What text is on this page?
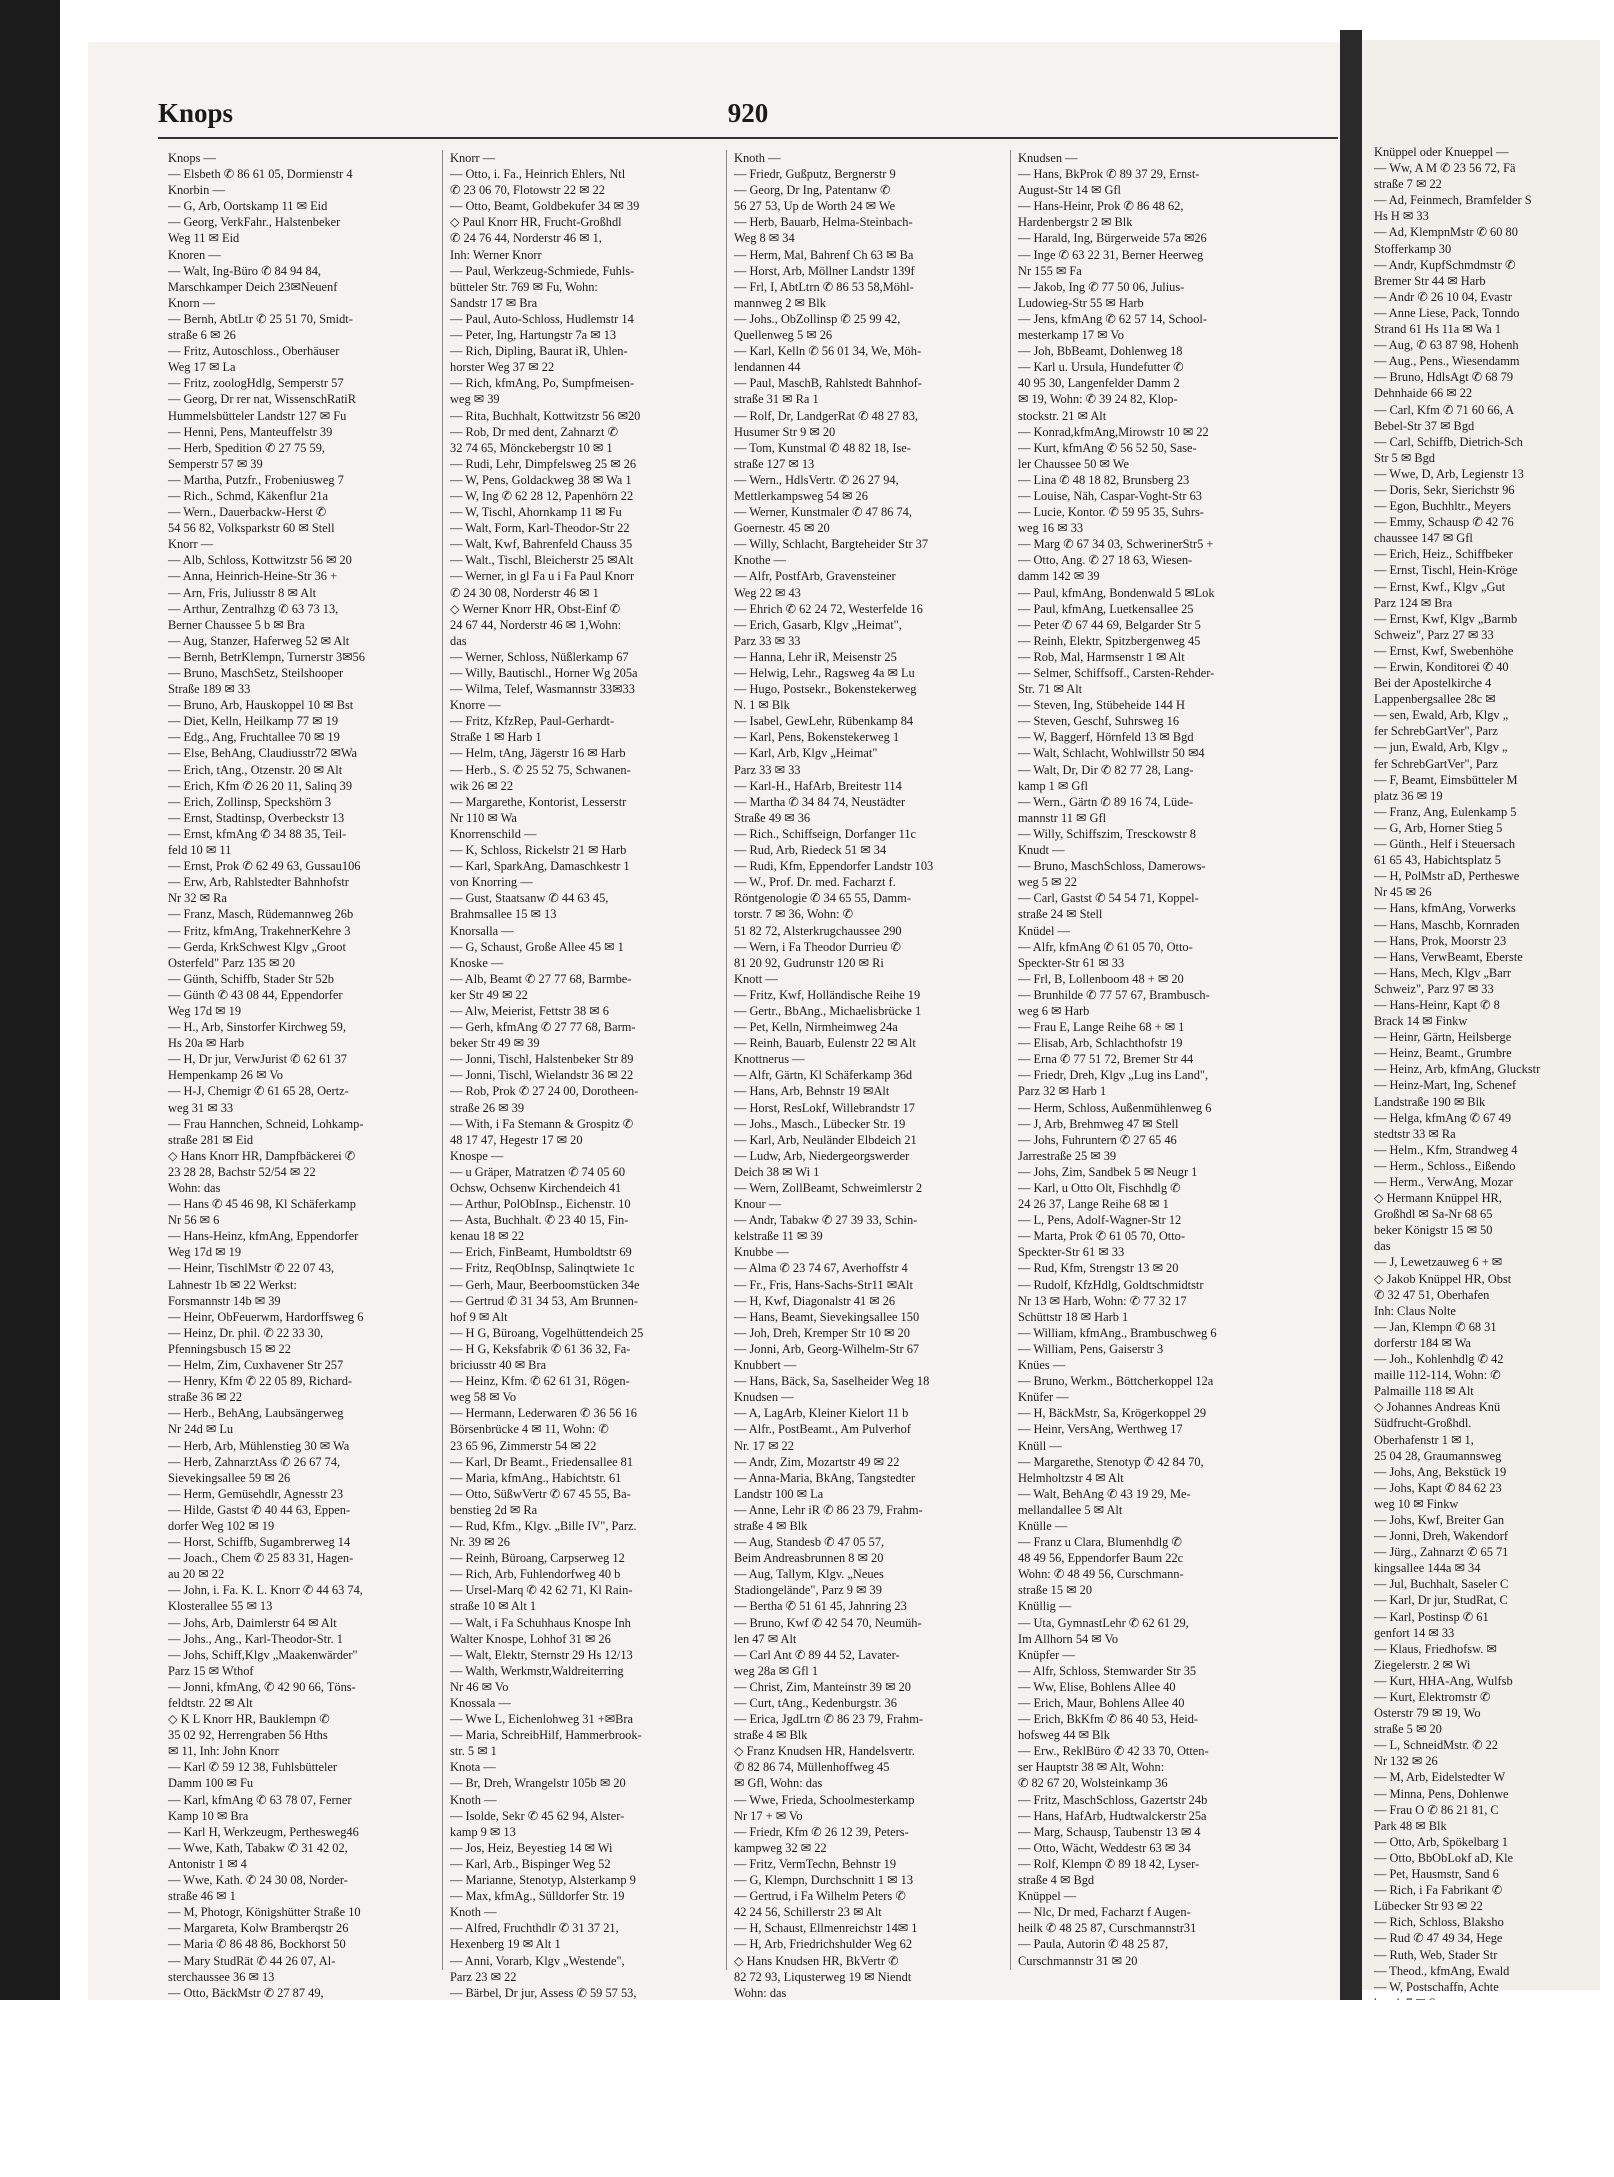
Knops	920
Knops —
— Elsbeth ✆ 86 61 05, Dormienstr 4
Knorbin —
— G, Arb, Oortskamp 11 ✉ Eid
— Georg, VerkFahr., Halstenbeker
Weg 11 ✉ Eid
Knoren —
— Walt, Ing-Büro ✆ 84 94 84,
Marschkamper Deich 23✉Neuenf
Knorn —
— Bernh, AbtLtr ✆ 25 51 70, Smidt-
straße 6 ✉ 26
— Fritz, Autoschloss., Oberhäuser
Weg 17 ✉ La
— Fritz, zoologHdlg, Semperstr 57
— Georg, Dr rer nat, WissenschRatiR
Hummelsbütteler Landstr 127 ✉ Fu
— Henni, Pens, Manteuffelstr 39
— Herb, Spedition ✆ 27 75 59,
Semperstr 57 ✉ 39
— Martha, Putzfr., Frobeniusweg 7
— Rich., Schmd, Käkenflur 21a
— Wern., Dauerbackw-Herst ✆
54 56 82, Volksparkstr 60 ✉ Stell
Knorr —
— Alb, Schloss, Kottwitzstr 56 ✉ 20
— Anna, Heinrich-Heine-Str 36 +
— Arn, Fris, Juliusstr 8 ✉ Alt
— Arthur, Zentralhzg ✆ 63 73 13,
Berner Chaussee 5 b ✉ Bra
— Aug, Stanzer, Haferweg 52 ✉ Alt
— Bernh, BetrKlempn, Turnerstr 3✉56
— Bruno, MaschSetz, Steilshooper
Straße 189 ✉ 33
— Bruno, Arb, Hauskoppel 10 ✉ Bst
— Diet, Kelln, Heilkamp 77 ✉ 19
— Edg., Ang, Fruchtallee 70 ✉ 19
— Else, BehAng, Claudiusstr72 ✉Wa
— Erich, tAng., Otzenstr. 20 ✉ Alt
— Erich, Kfm ✆ 26 20 11, Salinq 39
— Erich, Zollinsp, Speckshörn 3
— Ernst, Stadtinsp, Overbeckstr 13
— Ernst, kfmAng ✆ 34 88 35, Teil-
feld 10 ✉ 11
— Ernst, Prok ✆ 62 49 63, Gussau106
— Erw, Arb, Rahlstedter Bahnhofstr
Nr 32 ✉ Ra
— Franz, Masch, Rüdemannweg 26b
— Fritz, kfmAng, TrakehnerKehre 3
— Gerda, KrkSchwest Klgv „Groot
Osterfeld" Parz 135 ✉ 20
— Günth, Schiffb, Stader Str 52b
— Günth ✆ 43 08 44, Eppendorfer
Weg 17d ✉ 19
— H., Arb, Sinstorfer Kirchweg 59,
Hs 20a ✉ Harb
— H, Dr jur, VerwJurist ✆ 62 61 37
Hempenkamp 26 ✉ Vo
— H-J, Chemigr ✆ 61 65 28, Oertz-
weg 31 ✉ 33
— Frau Hannchen, Schneid, Lohkamp-
straße 281 ✉ Eid
◇ Hans Knorr HR, Dampfbäckerei ✆
23 28 28, Bachstr 52/54 ✉ 22
Wohn: das
— Hans ✆ 45 46 98, Kl Schäferkamp
Nr 56 ✉ 6
— Hans-Heinz, kfmAng, Eppendorfer
Weg 17d ✉ 19
— Heinr, TischlMstr ✆ 22 07 43,
Lahnestr 1b ✉ 22 Werkst:
Forsmannstr 14b ✉ 39
— Heinr, ObFeuerwm, Hardorffsweg 6
— Heinz, Dr. phil. ✆ 22 33 30,
Pfenningsbusch 15 ✉ 22
— Helm, Zim, Cuxhavener Str 257
— Henry, Kfm ✆ 22 05 89, Richard-
straße 36 ✉ 22
— Herb., BehAng, Laubsängerweg
Nr 24d ✉ Lu
— Herb, Arb, Mühlenstieg 30 ✉ Wa
— Herb, ZahnarztAss ✆ 26 67 74,
Sievekingsallee 59 ✉ 26
— Herm, Gemüsehdlr, Agnesstr 23
— Hilde, Gastst ✆ 40 44 63, Eppen-
dorfer Weg 102 ✉ 19
— Horst, Schiffb, Sugambrerweg 14
— Joach., Chem ✆ 25 83 31, Hagen-
au 20 ✉ 22
— John, i. Fa. K. L. Knorr ✆ 44 63 74,
Klosterallee 55 ✉ 13
— Johs, Arb, Daimlerstr 64 ✉ Alt
— Johs., Ang., Karl-Theodor-Str. 1
— Johs, Schiff,Klgv „Maakenwärder"
Parz 15 ✉ Wthof
— Jonni, kfmAng, ✆ 42 90 66, Töns-
feldtstr. 22 ✉ Alt
◇ K L Knorr HR, Bauklempn ✆
35 02 92, Herrengraben 56 Hths
✉ 11, Inh: John Knorr
— Karl ✆ 59 12 38, Fuhlsbütteler
Damm 100 ✉ Fu
— Karl, kfmAng ✆ 63 78 07, Ferner
Kamp 10 ✉ Bra
— Karl H, Werkzeugm, Perthesweg46
— Wwe, Kath, Tabakw ✆ 31 42 02,
Antonistr 1 ✉ 4
— Wwe, Kath. ✆ 24 30 08, Norder-
straße 46 ✉ 1
— M, Photogr, Königshütter Straße 10
— Margareta, Kolw Bramberqstr 26
— Maria ✆ 86 48 86, Bockhorst 50
— Mary StudRät ✆ 44 26 07, Al-
sterchaussee 36 ✉ 13
— Otto, BäckMstr ✆ 27 87 49,
Knorr —
— Otto, i. Fa., Heinrich Ehlers, Ntl
✆ 23 06 70, Flotowstr 22 ✉ 22
— Otto, Beamt, Goldbekufer 34 ✉ 39
◇ Paul Knorr HR, Frucht-Großhdl
✆ 24 76 44, Norderstr 46 ✉ 1,
Inh: Werner Knorr
— Paul, Werkzeug-Schmiede, Fuhls-
bütteler Str. 769 ✉ Fu, Wohn:
Sandstr 17 ✉ Bra
— Paul, Auto-Schloss, Hudlemstr 14
— Peter, Ing, Hartungstr 7a ✉ 13
— Rich, Dipling, Baurat iR, Uhlen-
horster Weg 37 ✉ 22
— Rich, kfmAng, Po, Sumpfmeisen-
weg ✉ 39
— Rita, Buchhalt, Kottwitzstr 56 ✉20
— Rob, Dr med dent, Zahnarzt ✆
32 74 65, Mönckebergstr 10 ✉ 1
— Rudi, Lehr, Dimpfelsweg 25 ✉ 26
— W, Pens, Goldackweg 38 ✉ Wa 1
— W, Ing ✆ 62 28 12, Papenhörn 22
— W, Tischl, Ahornkamp 11 ✉ Fu
— Walt, Form, Karl-Theodor-Str 22
— Walt, Kwf, Bahrenfeld Chauss 35
— Walt., Tischl, Bleicherstr 25 ✉Alt
— Werner, in gl Fa u i Fa Paul Knorr
✆ 24 30 08, Norderstr 46 ✉ 1
◇ Werner Knorr HR, Obst-Einf ✆
24 67 44, Norderstr 46 ✉ 1,Wohn:
das
— Werner, Schloss, Nüßlerkamp 67
— Willy, Bautischl., Horner Wg 205a
— Wilma, Telef, Wasmannstr 33✉33
Knorre —
— Fritz, KfzRep, Paul-Gerhardt-
Straße 1 ✉ Harb 1
— Helm, tAng, Jägerstr 16 ✉ Harb
— Herb., S. ✆ 25 52 75, Schwanen-
wik 26 ✉ 22
— Margarethe, Kontorist, Lesserstr
Nr 110 ✉ Wa
Knorrenschild —
— K, Schloss, Rickelstr 21 ✉ Harb
— Karl, SparkAng, Damaschkestr 1
von Knorring —
— Gust, Staatsanw ✆ 44 63 45,
Brahmsallee 15 ✉ 13
Knorsalla —
— G, Schaust, Große Allee 45 ✉ 1
Knoske —
— Alb, Beamt ✆ 27 77 68, Barmbe-
ker Str 49 ✉ 22
— Alw, Meierist, Fettstr 38 ✉ 6
— Gerh, kfmAng ✆ 27 77 68, Barm-
beker Str 49 ✉ 39
— Jonni, Tischl, Halstenbeker Str 89
— Jonni, Tischl, Wielandstr 36 ✉ 22
— Rob, Prok ✆ 27 24 00, Dorotheen-
straße 26 ✉ 39
— With, i Fa Stemann & Grospitz ✆
48 17 47, Hegestr 17 ✉ 20
Knospe —
— u Gräper, Matratzen ✆ 74 05 60
Ochsw, Ochsenw Kirchendeich 41
— Arthur, PolObInsp., Eichenstr. 10
— Asta, Buchhalt. ✆ 23 40 15, Fin-
kenau 18 ✉ 22
— Erich, FinBeamt, Humboldtstr 69
— Fritz, ReqObInsp, Salinqtwiete 1c
— Gerh, Maur, Beerboomstücken 34e
— Gertrud ✆ 31 34 53, Am Brunnen-
hof 9 ✉ Alt
— H G, Büroang, Vogelhüttendeich 25
— H G, Keksfabrik ✆ 61 36 32, Fa-
briciusstr 40 ✉ Bra
— Heinz, Kfm. ✆ 62 61 31, Rögen-
weg 58 ✉ Vo
— Hermann, Lederwaren ✆ 36 56 16
Börsenbrücke 4 ✉ 11, Wohn: ✆
23 65 96, Zimmerstr 54 ✉ 22
— Karl, Dr Beamt., Friedensallee 81
— Maria, kfmAng., Habichtstr. 61
— Otto, SüßwVertr ✆ 67 45 55, Ba-
benstieg 2d ✉ Ra
— Rud, Kfm., Klgv. „Bille IV", Parz.
Nr. 39 ✉ 26
— Reinh, Büroang, Carpserweg 12
— Rich, Arb, Fuhlendorfweg 40 b
— Ursel-Marq ✆ 42 62 71, Kl Rain-
straße 10 ✉ Alt 1
— Walt, i Fa Schuhhaus Knospe Inh
Walter Knospe, Lohhof 31 ✉ 26
— Walt, Elektr, Sternstr 29 Hs 12/13
— Walth, Werkmstr,Waldreiterring
Nr 46 ✉ Vo
Knossala —
— Wwe L, Eichenlohweg 31 +✉Bra
— Maria, SchreibHilf, Hammerbrook-
str. 5 ✉ 1
Knota —
— Br, Dreh, Wrangelstr 105b ✉ 20
Knoth —
— Isolde, Sekr ✆ 45 62 94, Alster-
kamp 9 ✉ 13
— Jos, Heiz, Beyestieg 14 ✉ Wi
— Karl, Arb., Bispinger Weg 52
— Marianne, Stenotyp, Alsterkamp 9
— Max, kfmAg., Sülldorfer Str. 19
Knoth —
— Alfred, Fruchthdlr ✆ 31 37 21,
Hexenberg 19 ✉ Alt 1
— Anni, Vorarb, Klgv „Westende",
Parz 23 ✉ 22
— Bärbel, Dr jur, Assess ✆ 59 57 53,
Knoth —
— Friedr, Gußputz, Bergnerstr 9
— Georg, Dr Ing, Patentanw ✆
56 27 53, Up de Worth 24 ✉ We
— Herb, Bauarb, Helma-Steinbach-
Weg 8 ✉ 34
— Herm, Mal, Bahrenf Ch 63 ✉ Ba
— Horst, Arb, Möllner Landstr 139f
— Frl, I, AbtLtrn ✆ 86 53 58,Möhl-
mannweg 2 ✉ Blk
— Johs., ObZollinsp ✆ 25 99 42,
Quellenweg 5 ✉ 26
— Karl, Kelln ✆ 56 01 34, We, Möh-
lendannen 44
— Paul, MaschB, Rahlstedt Bahnhof-
straße 31 ✉ Ra 1
— Rolf, Dr, LandgerRat ✆ 48 27 83,
Husumer Str 9 ✉ 20
— Tom, Kunstmal ✆ 48 82 18, Ise-
straße 127 ✉ 13
— Wern., HdlsVertr. ✆ 26 27 94,
Mettlerkampsweg 54 ✉ 26
— Werner, Kunstmaler ✆ 47 86 74,
Goernestr. 45 ✉ 20
— Willy, Schlacht, Bargteheider Str 37
Knothe —
— Alfr, PostfArb, Gravensteiner
Weg 22 ✉ 43
— Ehrich ✆ 62 24 72, Westerfelde 16
— Erich, Gasarb, Klgv „Heimat",
Parz 33 ✉ 33
— Hanna, Lehr iR, Meisenstr 25
— Helwig, Lehr., Ragsweg 4a ✉ Lu
— Hugo, Postsekr., Bokenstekerweg
N. 1 ✉ Blk
— Isabel, GewLehr, Rübenkamp 84
— Karl, Pens, Bokenstekerweg 1
— Karl, Arb, Klgv „Heimat"
Parz 33 ✉ 33
— Karl-H., HafArb, Breitestr 114
— Martha ✆ 34 84 74, Neustädter
Straße 49 ✉ 36
— Rich., Schiffseign, Dorfanger 11c
— Rud, Arb, Riedeck 51 ✉ 34
— Rudi, Kfm, Eppendorfer Landstr 103
— W., Prof. Dr. med. Facharzt f.
Röntgenologie ✆ 34 65 55, Damm-
torstr. 7 ✉ 36, Wohn: ✆
51 82 72, Alsterkrugchaussee 290
— Wern, i Fa Theodor Durrieu ✆
81 20 92, Gudrunstr 120 ✉ Ri
Knott —
— Fritz, Kwf, Holländische Reihe 19
— Gertr., BbAng., Michaelisbrücke 1
— Pet, Kelln, Nirmheimweg 24a
— Reinh, Bauarb, Eulenstr 22 ✉ Alt
Knottnerus —
— Alfr, Gärtn, Kl Schäferkamp 36d
— Hans, Arb, Behnstr 19 ✉Alt
— Horst, ResLokf, Willebrandstr 17
— Johs., Masch., Lübecker Str. 19
— Karl, Arb, Neuländer Elbdeich 21
— Ludw, Arb, Niedergeorgswerder
Deich 38 ✉ Wi 1
— Wern, ZollBeamt, Schweimlerstr 2
Knour —
— Andr, Tabakw ✆ 27 39 33, Schin-
kelstraße 11 ✉ 39
Knubbe —
— Alma ✆ 23 74 67, Averhoffstr 4
— Fr., Fris, Hans-Sachs-Str11 ✉Alt
— H, Kwf, Diagonalstr 41 ✉ 26
— Hans, Beamt, Sievekingsallee 150
— Joh, Dreh, Kremper Str 10 ✉ 20
— Jonni, Arb, Georg-Wilhelm-Str 67
Knubbert —
— Hans, Bäck, Sa, Saselheider Weg 18
Knudsen —
— A, LagArb, Kleiner Kielort 11 b
— Alfr., PostBeamt., Am Pulverhof
Nr. 17 ✉ 22
— Andr, Zim, Mozartstr 49 ✉ 22
— Anna-Maria, BkAng, Tangstedter
Landstr 100 ✉ La
— Anne, Lehr iR ✆ 86 23 79, Frahm-
straße 4 ✉ Blk
— Aug, Standesb ✆ 47 05 57,
Beim Andreasbrunnen 8 ✉ 20
— Aug, Tallym, Klgv. „Neues
Stadiongelände", Parz 9 ✉ 39
— Bertha ✆ 51 61 45, Jahnring 23
— Bruno, Kwf ✆ 42 54 70, Neumüh-
len 47 ✉ Alt
— Carl Ant ✆ 89 44 52, Lavater-
weg 28a ✉ Gfl 1
— Christ, Zim, Manteinstr 39 ✉ 20
— Curt, tAng., Kedenburgstr. 36
— Erica, JgdLtrn ✆ 86 23 79, Frahm-
straße 4 ✉ Blk
◇ Franz Knudsen HR, Handelsvertr.
✆ 82 86 74, Müllenhoffweg 45
✉ Gfl, Wohn: das
— Wwe, Frieda, Schoolmesterkamp
Nr 17 + ✉ Vo
— Friedr, Kfm ✆ 26 12 39, Peters-
kampweg 32 ✉ 22
— Fritz, VermTechn, Behnstr 19
— G, Klempn, Durchschnitt 1 ✉ 13
— Gertrud, i Fa Wilhelm Peters ✆
42 24 56, Schillerstr 23 ✉ Alt
— H, Schaust, Ellmenreichstr 14✉ 1
— H, Arb, Friedrichshulder Weg 62
◇ Hans Knudsen HR, BkVertr ✆
82 72 93, Liqusterweg 19 ✉ Niendt
Wohn: das
Knudsen —
— Hans, BkProk ✆ 89 37 29, Ernst-
August-Str 14 ✉ Gfl
— Hans-Heinr, Prok ✆ 86 48 62,
Hardenbergstr 2 ✉ Blk
— Harald, Ing, Bürgerweide 57a ✉26
— Inge ✆ 63 22 31, Berner Heerweg
Nr 155 ✉ Fa
— Jakob, Ing ✆ 77 50 06, Julius-
Ludowieg-Str 55 ✉ Harb
— Jens, kfmAng ✆ 62 57 14, School-
mesterkamp 17 ✉ Vo
— Joh, BbBeamt, Dohlenweg 18
— Karl u. Ursula, Hundefutter ✆
40 95 30, Langenfelder Damm 2
✉ 19, Wohn: ✆ 39 24 82, Klop-
stockstr. 21 ✉ Alt
— Konrad,kfmAng,Mirowstr 10 ✉ 22
— Kurt, kfmAng ✆ 56 52 50, Sase-
ler Chaussee 50 ✉ We
— Lina ✆ 48 18 82, Brunsberg 23
— Louise, Näh, Caspar-Voght-Str 63
— Lucie, Kontor. ✆ 59 95 35, Suhrs-
weg 16 ✉ 33
— Marg ✆ 67 34 03, SchwerinerStr5 +
— Otto, Ang. ✆ 27 18 63, Wiesen-
damm 142 ✉ 39
— Paul, kfmAng, Bondenwald 5 ✉Lok
— Paul, kfmAng, Luetkensallee 25
— Peter ✆ 67 44 69, Belgarder Str 5
— Reinh, Elektr, Spitzbergenweg 45
— Rob, Mal, Harmsenstr 1 ✉ Alt
— Selmer, Schiffsoff., Carsten-Rehder-
Str. 71 ✉ Alt
— Steven, Ing, Stübeheide 144 H
— Steven, Geschf, Suhrsweg 16
— W, Baggerf, Hörnfeld 13 ✉ Bgd
— Walt, Schlacht, Wohlwillstr 50 ✉4
— Walt, Dr, Dir ✆ 82 77 28, Lang-
kamp 1 ✉ Gfl
— Wern., Gärtn ✆ 89 16 74, Lüde-
mannstr 11 ✉ Gfl
— Willy, Schiffszim, Tresckowstr 8
Knudt —
— Bruno, MaschSchloss, Damerows-
weg 5 ✉ 22
— Carl, Gastst ✆ 54 54 71, Koppel-
straße 24 ✉ Stell
Knüdel —
— Alfr, kfmAng ✆ 61 05 70, Otto-
Speckter-Str 61 ✉ 33
— Frl, B, Lollenboom 48 + ✉ 20
— Brunhilde ✆ 77 57 67, Brambusch-
weg 6 ✉ Harb
— Frau E, Lange Reihe 68 + ✉ 1
— Elisab, Arb, Schlachthofstr 19
— Erna ✆ 77 51 72, Bremer Str 44
— Friedr, Dreh, Klgv „Lug ins Land",
Parz 32 ✉ Harb 1
— Herm, Schloss, Außenmühlenweg 6
— J, Arb, Brehmweg 47 ✉ Stell
— Johs, Fuhruntern ✆ 27 65 46
Jarrestraße 25 ✉ 39
— Johs, Zim, Sandbek 5 ✉ Neugr 1
— Karl, u Otto Olt, Fischhdlg ✆
24 26 37, Lange Reihe 68 ✉ 1
— L, Pens, Adolf-Wagner-Str 12
— Marta, Prok ✆ 61 05 70, Otto-
Speckter-Str 61 ✉ 33
— Rud, Kfm, Strengstr 13 ✉ 20
— Rudolf, KfzHdlg, Goldtschmidtstr
Nr 13 ✉ Harb, Wohn: ✆ 77 32 17
Schüttstr 18 ✉ Harb 1
— William, kfmAng., Brambuschweg 6
— William, Pens, Gaiserstr 3
Knües —
— Bruno, Werkm., Böttcherkoppel 12a
Knüfer —
— H, BäckMstr, Sa, Krögerkoppel 29
— Heinr, VersAng, Werthweg 17
Knüll —
— Margarethe, Stenotyp ✆ 42 84 70,
Helmholtzstr 4 ✉ Alt
— Walt, BehAng ✆ 43 19 29, Me-
mellandallee 5 ✉ Alt
Knülle —
— Franz u Clara, Blumenhdlg ✆
48 49 56, Eppendorfer Baum 22c
Wohn: ✆ 48 49 56, Curschmann-
straße 15 ✉ 20
Knüllig —
— Uta, GymnastLehr ✆ 62 61 29,
Im Allhorn 54 ✉ Vo
Knüpfer —
— Alfr, Schloss, Stemwarder Str 35
— Ww, Elise, Bohlens Allee 40
— Erich, Maur, Bohlens Allee 40
— Erich, BkKfm ✆ 86 40 53, Heid-
hofsweg 44 ✉ Blk
— Erw., ReklBüro ✆ 42 33 70, Otten-
ser Hauptstr 38 ✉ Alt, Wohn:
✆ 82 67 20, Wolsteinkamp 36
— Fritz, MaschSchloss, Gazertstr 24b
— Hans, HafArb, Hudtwalckerstr 25a
— Marg, Schausp, Taubenstr 13 ✉ 4
— Otto, Wächt, Weddestr 63 ✉ 34
— Rolf, Klempn ✆ 89 18 42, Lyser-
straße 4 ✉ Bgd
Knüppel —
— Nlc, Dr med, Facharzt f Augen-
heilk ✆ 48 25 87, Curschmannstr31
— Paula, Autorin ✆ 48 25 87,
Curschmannstr 31 ✉ 20
Knüppel oder Knueppel —
— Ww, A M ✆ 23 56 72, Fä
straße 7 ✉ 22
— Ad, Feinmech, Bramfelder S
Hs H ✉ 33
— Ad, KlempnMstr ✆ 60 80
Stofferkamp 30
— Andr, KupfSchmdmstr ✆
Bremer Str 44 ✉ Harb
— Andr ✆ 26 10 04, Evastr
— Anne Liese, Pack, Tonndo
Strand 61 Hs 11a ✉ Wa 1
— Aug, ✆ 63 87 98, Hohenh
— Aug., Pens., Wiesendamm
— Bruno, HdlsAgt ✆ 68 79
Dehnhaide 66 ✉ 22
— Carl, Kfm ✆ 71 60 66, A
Bebel-Str 37 ✉ Bgd
— Carl, Schiffb, Dietrich-Sch
Str 5 ✉ Bgd
— Wwe, D, Arb, Legienstr 13
— Doris, Sekr, Sierichstr 96
— Egon, Buchhltr., Meyers
— Emmy, Schausp ✆ 42 76
chaussee 147 ✉ Gfl
— Erich, Heiz., Schiffbeker
— Ernst, Tischl, Hein-Kröge
— Ernst, Kwf., Klgv „Gut
Parz 124 ✉ Bra
— Ernst, Kwf, Klgv „Barmb
Schweiz", Parz 27 ✉ 33
— Ernst, Kwf, Swebenhöhe
— Erwin, Konditorei ✆ 40
Bei der Apostelkirche 4
Lappenbergsallee 28c ✉
— sen, Ewald, Arb, Klgv „
fer SchrebGartVer", Parz
— jun, Ewald, Arb, Klgv „
fer SchrebGartVer", Parz
— F, Beamt, Eimsbütteler M
platz 36 ✉ 19
— Franz, Ang, Eulenkamp 5
— G, Arb, Horner Stieg 5
— Günth., Helf i Steuersach
61 65 43, Habichtsplatz 5
— H, PolMstr aD, Pertheswe
Nr 45 ✉ 26
— Hans, kfmAng, Vorwerks
— Hans, Maschb, Kornraden
— Hans, Prok, Moorstr 23
— Hans, VerwBeamt, Eberste
— Hans, Mech, Klgv „Barr
Schweiz", Parz 97 ✉ 33
— Hans-Heinr, Kapt ✆ 8
Brack 14 ✉ Finkw
— Heinr, Gärtn, Heilsberge
— Heinz, Beamt., Grumbre
— Heinz, Arb, kfmAng, Gluckstr
— Heinz-Mart, Ing, Schenef
Landstraße 190 ✉ Blk
— Helga, kfmAng ✆ 67 49
stedtstr 33 ✉ Ra
— Helm., Kfm, Strandweg 4
— Herm., Schloss., Eißendo
— Herm., VerwAng, Mozar
◇ Hermann Knüppel HR,
Großhdl ✉ Sa-Nr 68 65
beker Königstr 15 ✉ 50
das
— J, Lewetzauweg 6 + ✉
◇ Jakob Knüppel HR, Obst
✆ 32 47 51, Oberhafen
Inh: Claus Nolte
— Jan, Klempn ✆ 68 31
dorferstr 184 ✉ Wa
— Joh., Kohlenhdlg ✆ 42
maille 112-114, Wohn: ✆
Palmaille 118 ✉ Alt
◇ Johannes Andreas Knü
Südfrucht-Großhdl.
Oberhafenstr 1 ✉ 1,
25 04 28, Graumannsweg
— Johs, Ang, Bekstück 19
— Johs, Kapt ✆ 84 62 23
weg 10 ✉ Finkw
— Johs, Kwf, Breiter Gan
— Jonni, Dreh, Wakendorf
— Jürg., Zahnarzt ✆ 65 71
kingsallee 144a ✉ 34
— Jul, Buchhalt, Saseler C
— Karl, Dr jur, StudRat, C
— Karl, Postinsp ✆ 61
genfort 14 ✉ 33
— Klaus, Friedhofsw. ✉
Ziegelerstr. 2 ✉ Wi
— Kurt, HHA-Ang, Wulfsb
— Kurt, Elektromstr ✆
Osterstr 79 ✉ 19, Wo
straße 5 ✉ 20
— L, SchneidMstr. ✆ 22
Nr 132 ✉ 26
— M, Arb, Eidelstedter W
— Minna, Pens, Dohlenwe
— Frau O ✆ 86 21 81, C
Park 48 ✉ Blk
— Otto, Arb, Spökelbarg 1
— Otto, BbObLokf aD, Kle
— Pet, Hausmstr, Sand 6
— Rich, i Fa Fabrikant ✆
Lübecker Str 93 ✉ 22
— Rich, Schloss, Blaksho
— Rud ✆ 47 49 34, Hege
— Ruth, Web, Stader Str
— Theod., kfmAng, Ewald
— W, Postschaffn, Achte
